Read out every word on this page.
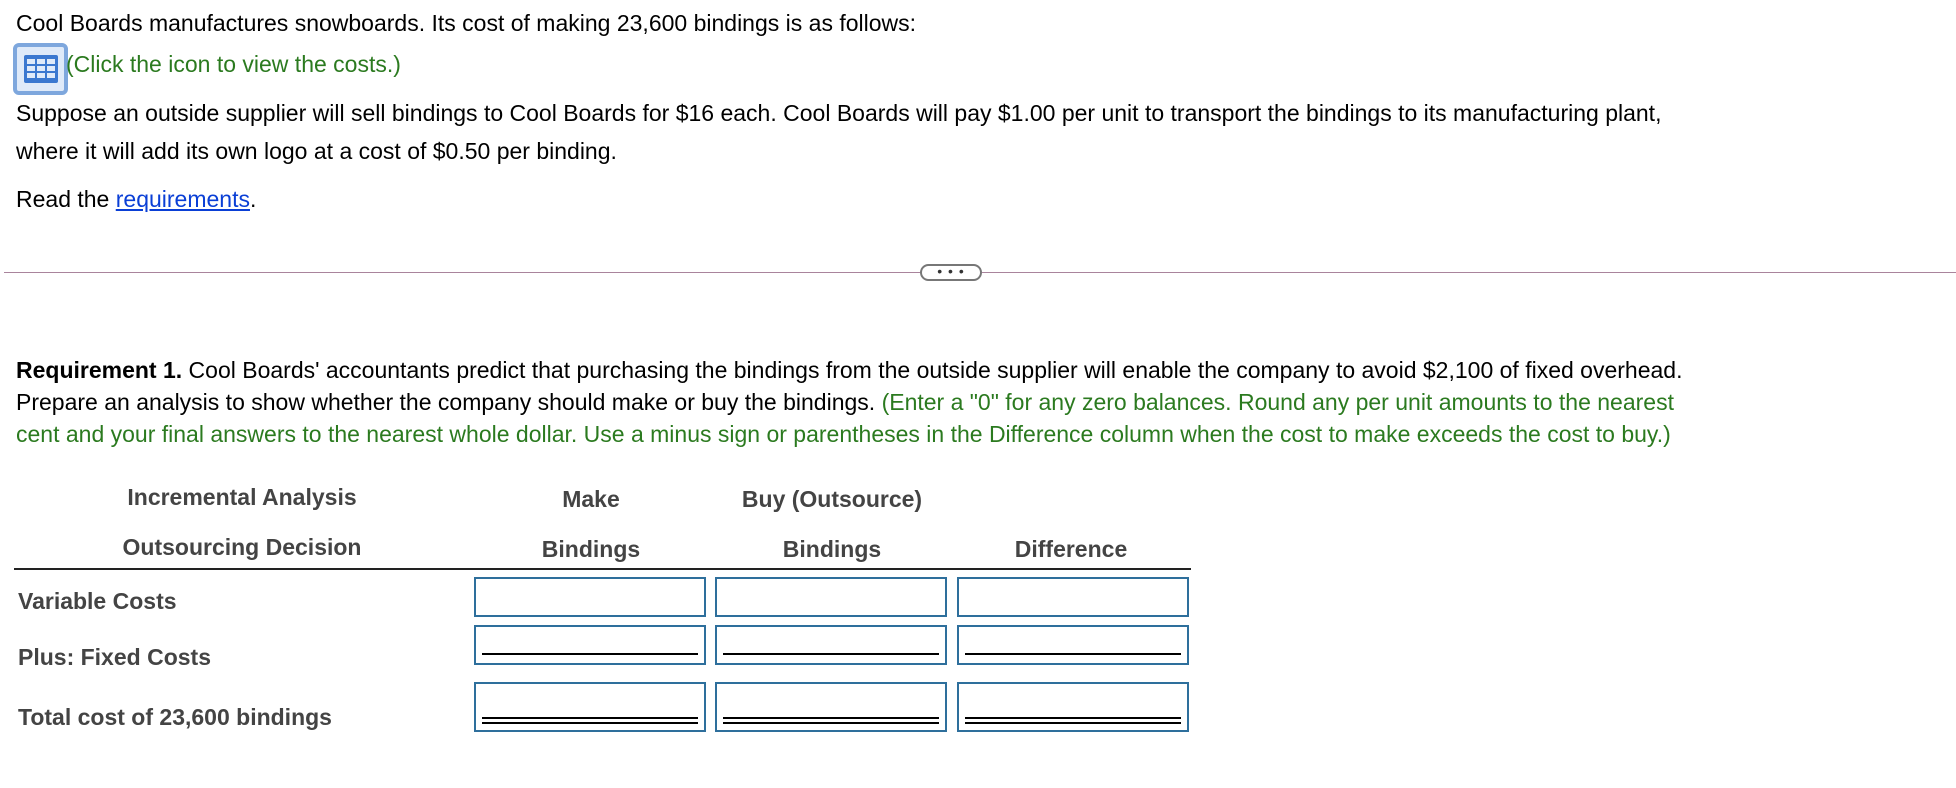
Cool Boards manufactures snowboards. Its cost of making 23,600 bindings is as follows:

(Click the icon to view the costs.)

Suppose an outside supplier will sell bindings to Cool Boards for $16 each. Cool Boards will pay $1.00 per unit to transport the bindings to its manufacturing plant,

where it will add its own logo at a cost of $0.50 per binding.

Read the requirements.

• • •

Requirement 1. Cool Boards' accountants predict that purchasing the bindings from the outside supplier will enable the company to avoid $2,100 of fixed overhead.

Prepare an analysis to show whether the company should make or buy the bindings. (Enter a "0" for any zero balances. Round any per unit amounts to the nearest

cent and your final answers to the nearest whole dollar. Use a minus sign or parentheses in the Difference column when the cost to make exceeds the cost to buy.)

Incremental Analysis	Make	Buy (Outsource)
Outsourcing Decision	Bindings	Bindings	Difference
Variable Costs
Plus: Fixed Costs
Total cost of 23,600 bindings
